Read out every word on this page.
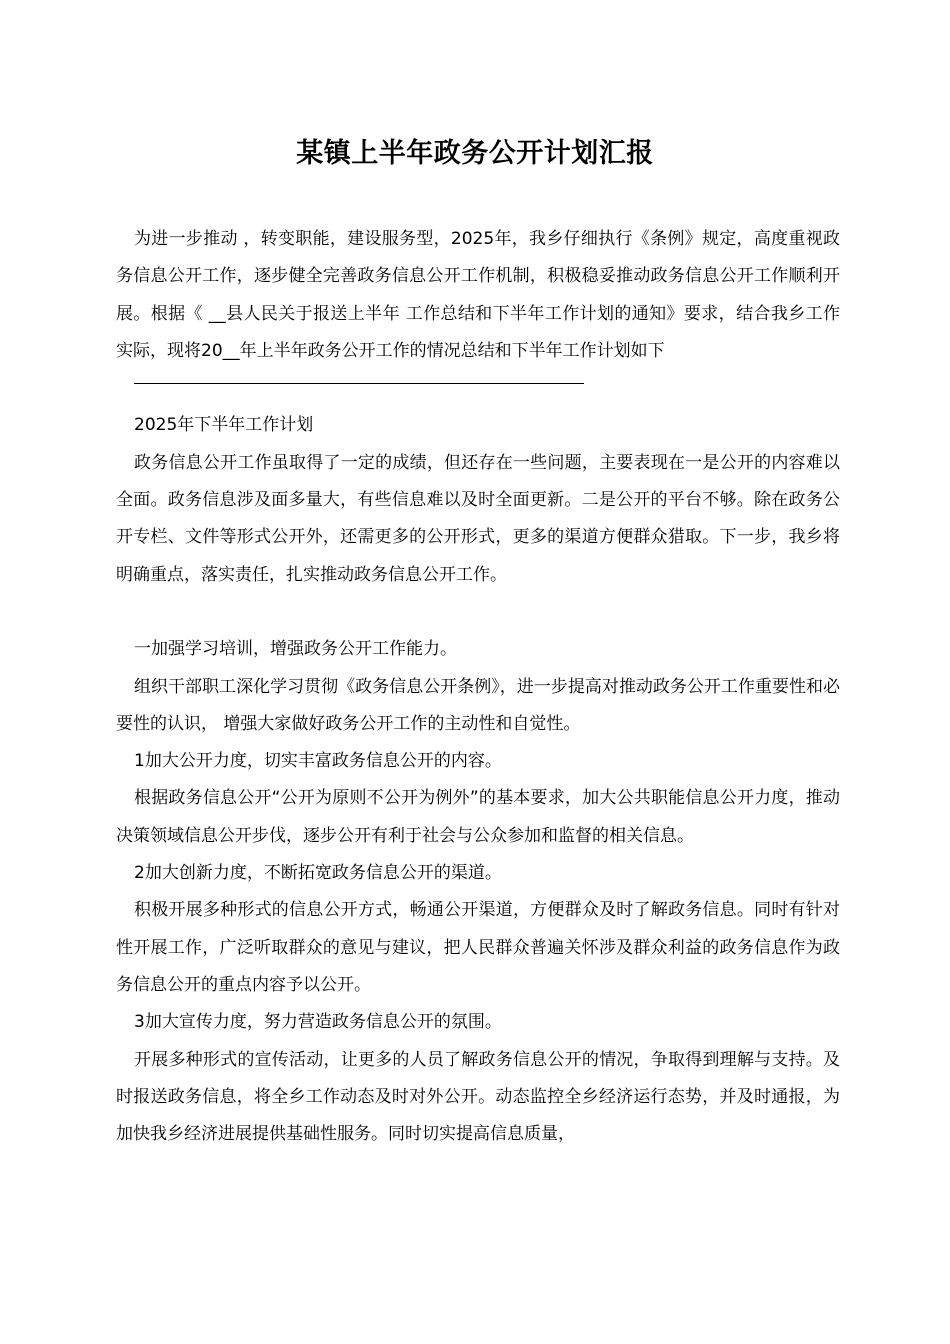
某镇上半年政务公开计划汇报

为进一步推动 ，转变职能，建设服务型，2025年，我乡仔细执行《条例》规定，高度重视政务信息公开工作，逐步健全完善政务信息公开工作机制，积极稳妥推动政务信息公开工作顺利开展。根据《 __县人民关于报送上半年 工作总结和下半年工作计划的通知》要求，结合我乡工作实际，现将20__年上半年政务公开工作的情况总结和下半年工作计划如下

2025年下半年工作计划

政务信息公开工作虽取得了一定的成绩，但还存在一些问题，主要表现在一是公开的内容难以全面。政务信息涉及面多量大，有些信息难以及时全面更新。二是公开的平台不够。除在政务公开专栏、文件等形式公开外，还需更多的公开形式，更多的渠道方便群众猎取。下一步，我乡将明确重点，落实责任，扎实推动政务信息公开工作。

一加强学习培训，增强政务公开工作能力。

组织干部职工深化学习贯彻《政务信息公开条例》，进一步提高对推动政务公开工作重要性和必要性的认识， 增强大家做好政务公开工作的主动性和自觉性。

1加大公开力度，切实丰富政务信息公开的内容。

根据政务信息公开“公开为原则不公开为例外”的基本要求，加大公共职能信息公开力度，推动决策领域信息公开步伐，逐步公开有利于社会与公众参加和监督的相关信息。

2加大创新力度，不断拓宽政务信息公开的渠道。

积极开展多种形式的信息公开方式，畅通公开渠道，方便群众及时了解政务信息。同时有针对性开展工作，广泛听取群众的意见与建议，把人民群众普遍关怀涉及群众利益的政务信息作为政务信息公开的重点内容予以公开。

3加大宣传力度，努力营造政务信息公开的氛围。

开展多种形式的宣传活动，让更多的人员了解政务信息公开的情况，争取得到理解与支持。及时报送政务信息，将全乡工作动态及时对外公开。动态监控全乡经济运行态势，并及时通报，为加快我乡经济进展提供基础性服务。同时切实提高信息质量，
